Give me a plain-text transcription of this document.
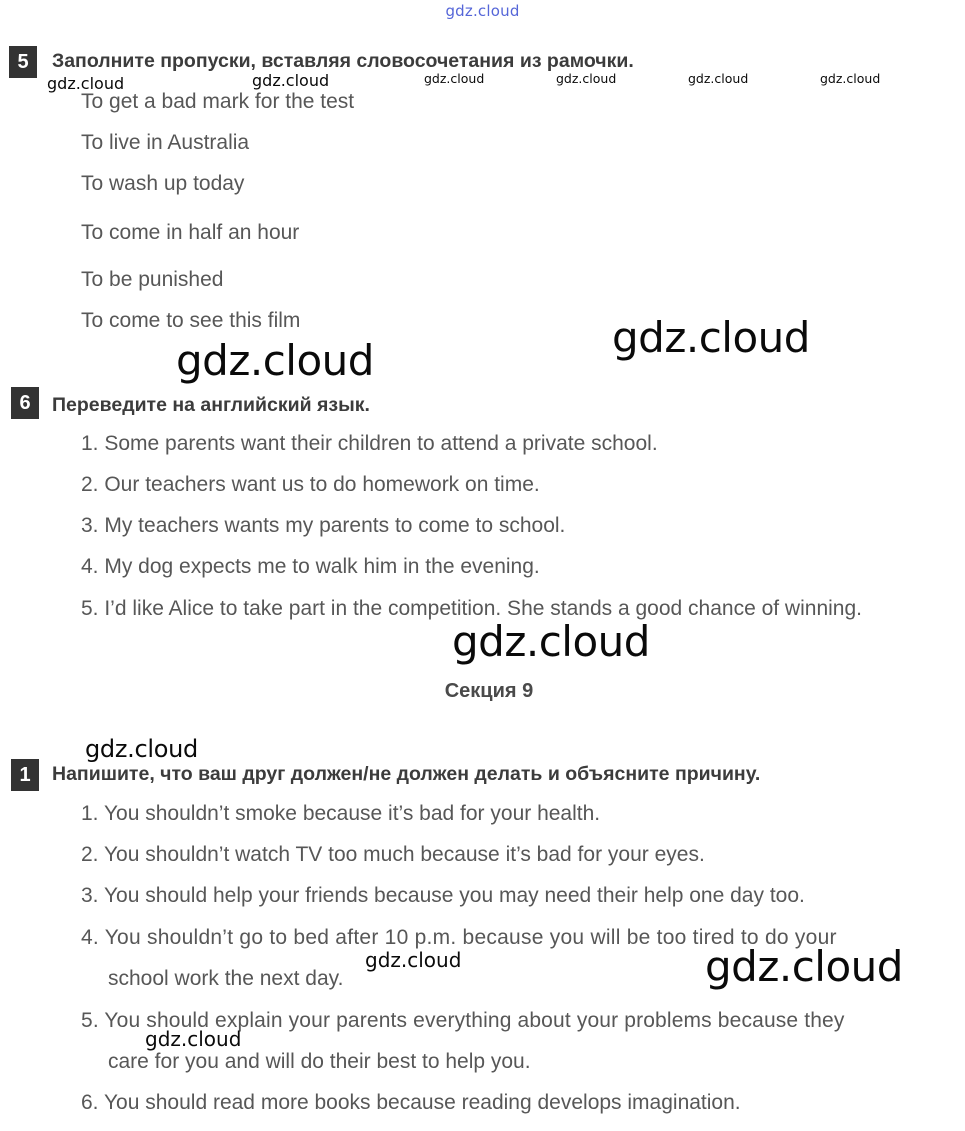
gdz.cloud
5	Заполните пропуски, вставляя словосочетания из рамочки.
To get a bad mark for the test
To live in Australia
To wash up today
To come in half an hour
To be punished
To come to see this film
6	Переведите на английский язык.
1. Some parents want their children to attend a private school.
2. Our teachers want us to do homework on time.
3. My teachers wants my parents to come to school.
4. My dog expects me to walk him in the evening.
5. I’d like Alice to take part in the competition. She stands a good chance of winning.
Секция 9
1	Напишите, что ваш друг должен/не должен делать и объясните причину.
1. You shouldn’t smoke because it’s bad for your health.
2. You shouldn’t watch TV too much because it’s bad for your eyes.
3. You should help your friends because you may need their help one day too.
4. You shouldn’t go to bed after 10 p.m. because you will be too tired to do your
school work the next day.
5. You should explain your parents everything about your problems because they
care for you and will do their best to help you.
6. You should read more books because reading develops imagination.
gdz.cloud	gdz.cloud	gdz.cloud	gdz.cloud	gdz.cloud	gdz.cloud
gdz.cloud	gdz.cloud
gdz.cloud
gdz.cloud
gdz.cloud	gdz.cloud
gdz.cloud
